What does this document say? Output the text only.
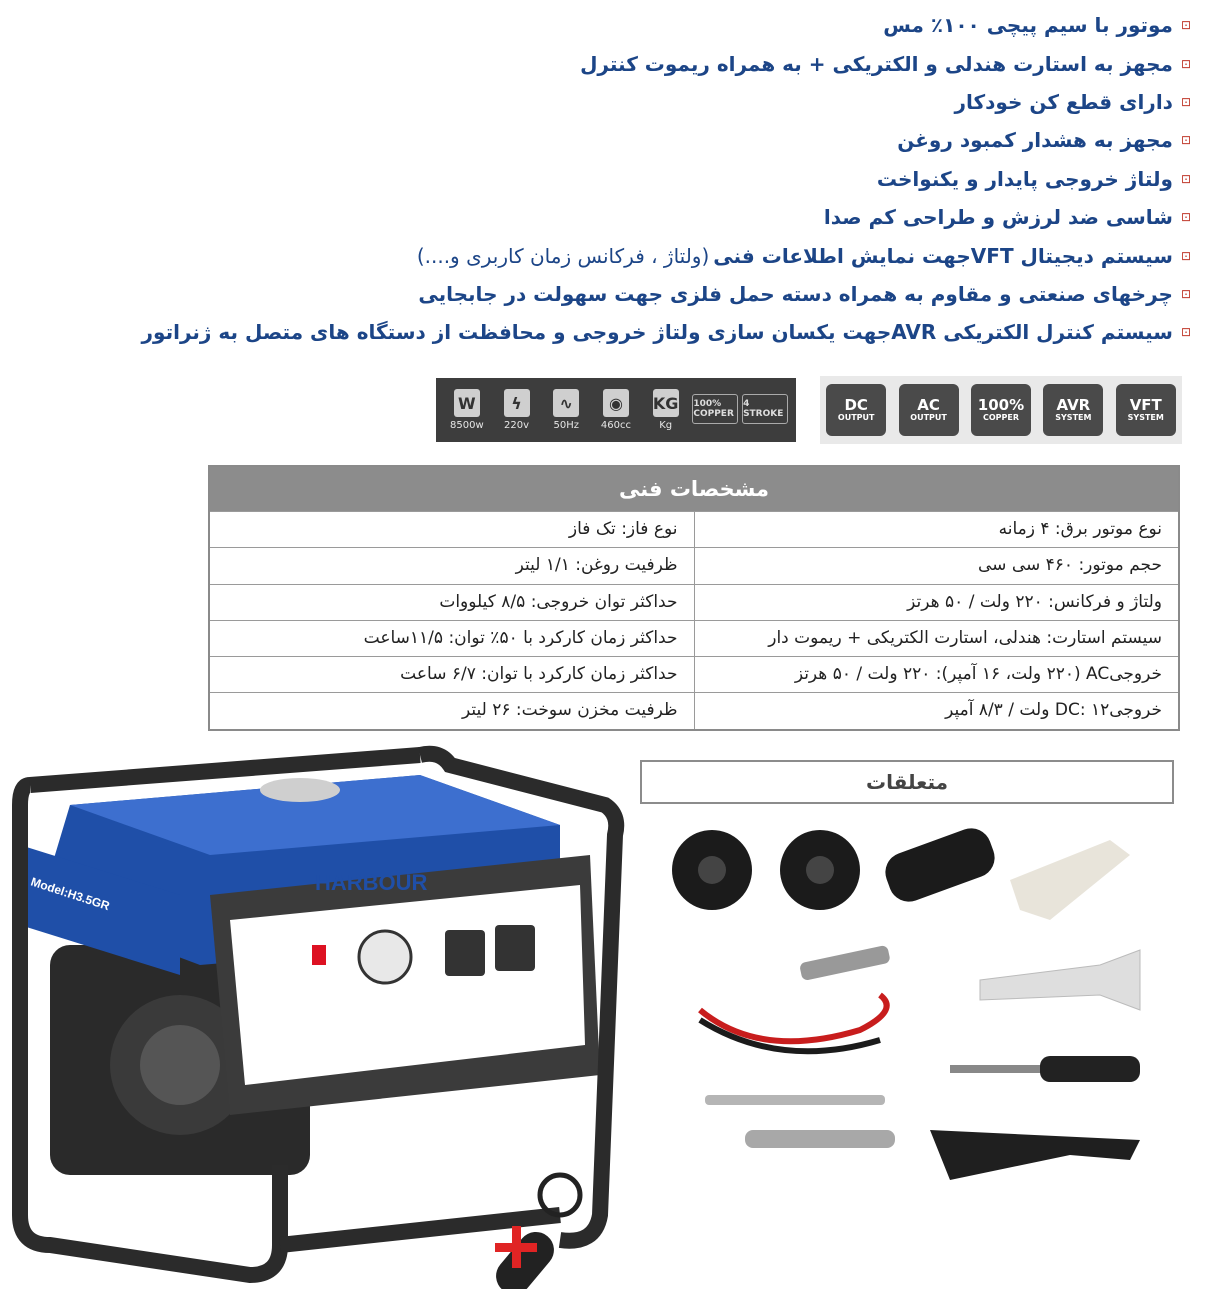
⊡
موتور با سیم پیچی ۱۰۰٪ مس
⊡
مجهز به استارت هندلی و الکتریکی + به همراه ریموت کنترل
⊡
دارای قطع کن خودکار
⊡
مجهز به هشدار کمبود روغن
⊡
ولتاژ خروجی پایدار و یکنواخت
⊡
شاسی ضد لرزش و طراحی کم صدا
⊡
سیستم دیجیتال VFTجهت نمایش اطلاعات فنی
(ولتاژ ، فرکانس زمان کاربری و....)
⊡
چرخهای صنعتی و مقاوم به همراه دسته حمل فلزی جهت سهولت در جابجایی
⊡
سیستم کنترل الکتریکی AVRجهت یکسان سازی ولتاژ خروجی و محافظت از دستگاه های متصل به ژنراتور
W
8500w
ϟ
220v
∿
50Hz
◉
460cc
KG
Kg
100% COPPER
4 STROKE	DC
OUTPUT
AC
OUTPUT
100%
COPPER
AVR
SYSTEM
VFT
SYSTEM
مشخصات فنی
نوع موتور برق: ۴ زمانه
نوع فاز: تک فاز
حجم موتور: ۴۶۰ سی سی
ظرفیت روغن: ۱/۱ لیتر
ولتاژ و فرکانس: ۲۲۰ ولت / ۵۰ هرتز
حداکثر توان خروجی: ۸/۵ کیلووات
سیستم استارت: هندلی، استارت الکتریکی + ریموت دار
حداکثر زمان کارکرد با ۵۰٪ توان: ۱۱/۵ساعت
خروجیAC (۲۲۰ ولت، ۱۶ آمپر): ۲۲۰ ولت / ۵۰ هرتز
حداکثر زمان کارکرد با توان: ۶/۷ ساعت
خروجیDC: ۱۲ ولت / ۸/۳ آمپر
ظرفیت مخزن سوخت: ۲۶ لیتر
متعلقات
HARBOUR
Model:H3.5GR
